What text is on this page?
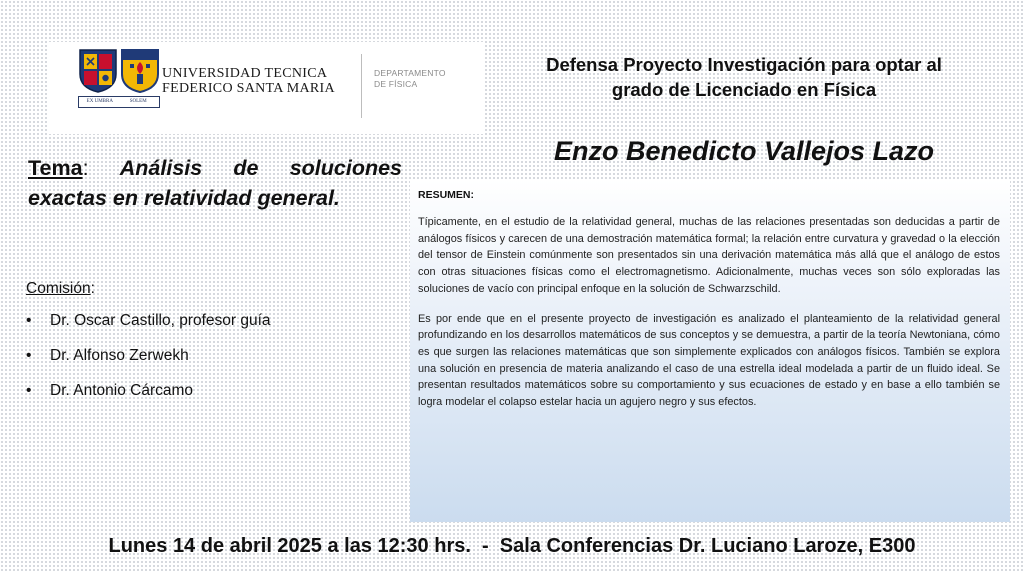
EX UMBRA	SOLEM
UNIVERSIDAD TECNICA
FEDERICO SANTA MARIA
DEPARTAMENTO
DE FÍSICA
Defensa Proyecto Investigación para optar al
grado de Licenciado en Física
Enzo Benedicto Vallejos Lazo
Tema: Análisis de soluciones exactas en relatividad general.
Comisión:
• Dr. Oscar Castillo, profesor guía
• Dr. Alfonso Zerwekh
• Dr. Antonio Cárcamo
RESUMEN:

Típicamente, en el estudio de la relatividad general, muchas de las relaciones presentadas son deducidas a partir de análogos físicos y carecen de una demostración matemática formal; la relación entre curvatura y gravedad o la elección del tensor de Einstein comúnmente son presentados sin una derivación matemática más allá que el análogo de estos con otras situaciones físicas como el electromagnetismo. Adicionalmente, muchas veces son sólo exploradas las soluciones de vacío con principal enfoque en la solución de Schwarzschild.

Es por ende que en el presente proyecto de investigación es analizado el planteamiento de la relatividad general profundizando en los desarrollos matemáticos de sus conceptos y se demuestra, a partir de la teoría Newtoniana, cómo es que surgen las relaciones matemáticas que son simplemente explicados con análogos físicos. También se explora una solución en presencia de materia analizando el caso de una estrella ideal modelada a partir de un fluido ideal. Se presentan resultados matemáticos sobre su comportamiento y sus ecuaciones de estado y en base a ello también se logra modelar el colapso estelar hacia un agujero negro y sus efectos.

Lunes 14 de abril 2025 a las 12:30 hrs.  -  Sala Conferencias Dr. Luciano Laroze, E300
